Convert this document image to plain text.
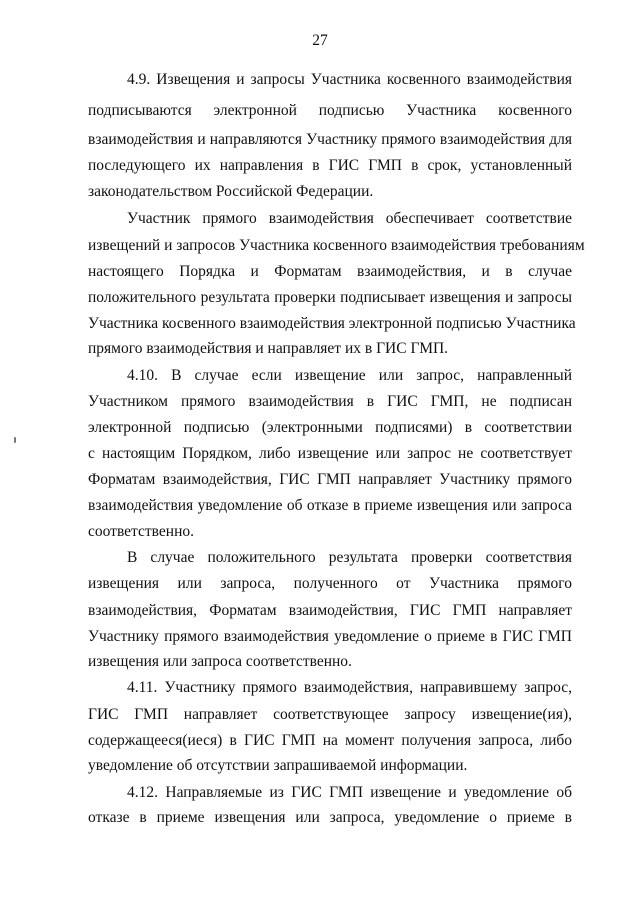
27
4.9. Извещения и запросы Участника косвенного взаимодействия
подписываются электронной подписью Участника косвенного
взаимодействия и направляются Участнику прямого взаимодействия для
последующего их направления в ГИС ГМП в срок, установленный
законодательством Российской Федерации.
Участник прямого взаимодействия обеспечивает соответствие
извещений и запросов Участника косвенного взаимодействия требованиям
настоящего Порядка и Форматам взаимодействия, и в случае
положительного результата проверки подписывает извещения и запросы
Участника косвенного взаимодействия электронной подписью Участника
прямого взаимодействия и направляет их в ГИС ГМП.
4.10. В случае если извещение или запрос, направленный
Участником прямого взаимодействия в ГИС ГМП, не подписан
электронной подписью (электронными подписями) в соответствии
с настоящим Порядком, либо извещение или запрос не соответствует
Форматам взаимодействия, ГИС ГМП направляет Участнику прямого
взаимодействия уведомление об отказе в приеме извещения или запроса
соответственно.
В случае положительного результата проверки соответствия
извещения или запроса, полученного от Участника прямого
взаимодействия, Форматам взаимодействия, ГИС ГМП направляет
Участнику прямого взаимодействия уведомление о приеме в ГИС ГМП
извещения или запроса соответственно.
4.11. Участнику прямого взаимодействия, направившему запрос,
ГИС ГМП направляет соответствующее запросу извещение(ия),
содержащееся(иеся) в ГИС ГМП на момент получения запроса, либо
уведомление об отсутствии запрашиваемой информации.
4.12. Направляемые из ГИС ГМП извещение и уведомление об
отказе в приеме извещения или запроса, уведомление о приеме в
